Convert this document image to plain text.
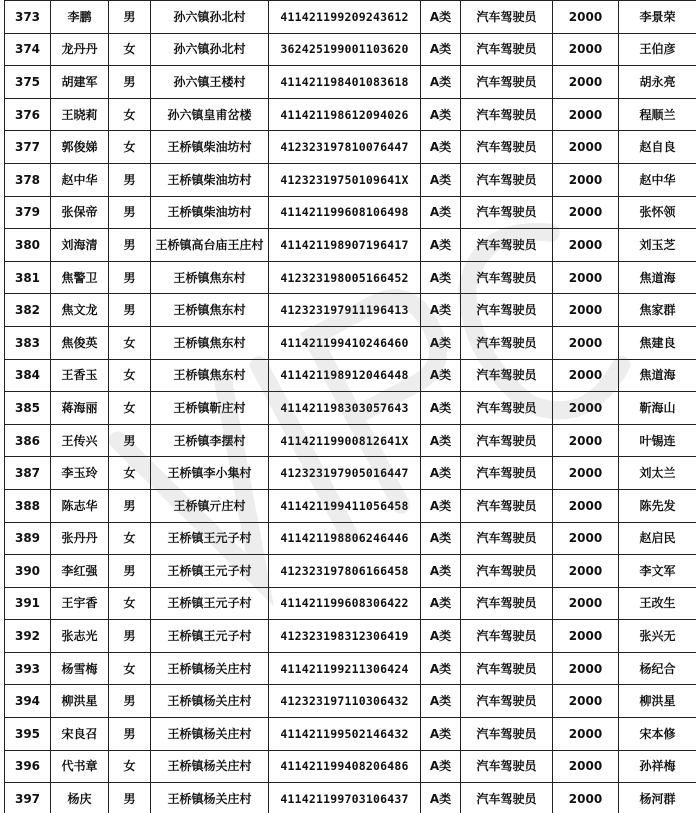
373	李鹏	男	孙六镇孙北村	411421199209243612	A类	汽车驾驶员	2000	李景荣
374	龙丹丹	女	孙六镇孙北村	362425199001103620	A类	汽车驾驶员	2000	王伯彦
375	胡建军	男	孙六镇王楼村	411421198401083618	A类	汽车驾驶员	2000	胡永亮
376	王晓莉	女	孙六镇皇甫岔楼	411421198612094026	A类	汽车驾驶员	2000	程顺兰
377	郭俊娣	女	王桥镇柴油坊村	412323197810076447	A类	汽车驾驶员	2000	赵自良
378	赵中华	男	王桥镇柴油坊村	41232319750109641X	A类	汽车驾驶员	2000	赵中华
379	张保帝	男	王桥镇柴油坊村	411421199608106498	A类	汽车驾驶员	2000	张怀领
380	刘海清	男	王桥镇高台庙王庄村	411421198907196417	A类	汽车驾驶员	2000	刘玉芝
381	焦警卫	男	王桥镇焦东村	412323198005166452	A类	汽车驾驶员	2000	焦道海
382	焦文龙	男	王桥镇焦东村	412323197911196413	A类	汽车驾驶员	2000	焦家群
383	焦俊英	女	王桥镇焦东村	411421199410246460	A类	汽车驾驶员	2000	焦建良
384	王香玉	女	王桥镇焦东村	411421198912046448	A类	汽车驾驶员	2000	焦道海
385	蒋海丽	女	王桥镇靳庄村	411421198303057643	A类	汽车驾驶员	2000	靳海山
386	王传兴	男	王桥镇李摆村	41142119900812641X	A类	汽车驾驶员	2000	叶锡连
387	李玉玲	女	王桥镇李小集村	412323197905016447	A类	汽车驾驶员	2000	刘太兰
388	陈志华	男	王桥镇亓庄村	411421199411056458	A类	汽车驾驶员	2000	陈先发
389	张丹丹	女	王桥镇王元子村	411421198806246446	A类	汽车驾驶员	2000	赵启民
390	李红强	男	王桥镇王元子村	412323197806166458	A类	汽车驾驶员	2000	李文军
391	王宇香	女	王桥镇王元子村	411421199608306422	A类	汽车驾驶员	2000	王改生
392	张志光	男	王桥镇王元子村	412323198312306419	A类	汽车驾驶员	2000	张兴无
393	杨雪梅	女	王桥镇杨关庄村	411421199211306424	A类	汽车驾驶员	2000	杨纪合
394	柳洪星	男	王桥镇杨关庄村	412323197110306432	A类	汽车驾驶员	2000	柳洪星
395	宋良召	男	王桥镇杨关庄村	411421199502146432	A类	汽车驾驶员	2000	宋本修
396	代书章	女	王桥镇杨关庄村	411421199408206486	A类	汽车驾驶员	2000	孙祥梅
397	杨庆	男	王桥镇杨关庄村	411421199703106437	A类	汽车驾驶员	2000	杨河群
